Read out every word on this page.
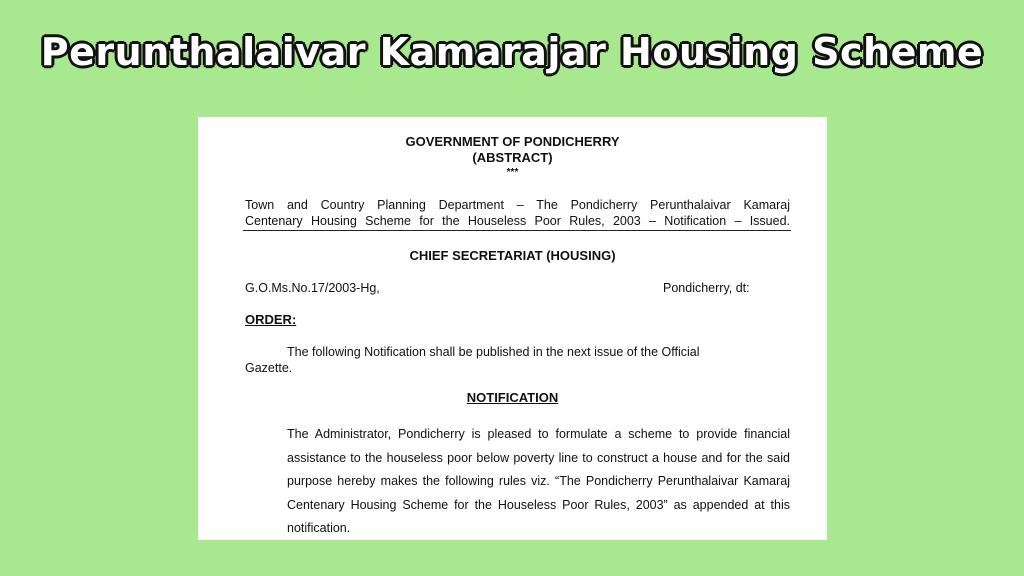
Perunthalaivar Kamarajar Housing Scheme
GOVERNMENT OF PONDICHERRY
(ABSTRACT)
***
Town and Country Planning Department – The Pondicherry Perunthalaivar Kamaraj
Centenary Housing Scheme for the Houseless Poor Rules, 2003 – Notification – Issued.
CHIEF SECRETARIAT (HOUSING)
G.O.Ms.No.17/2003-Hg,	Pondicherry, dt:
ORDER:
The following Notification shall be published in the next issue of the Official
Gazette.
NOTIFICATION
The Administrator, Pondicherry is pleased to formulate a scheme to provide financial assistance to the houseless poor below poverty line to construct a house and for the said purpose hereby makes the following rules viz. “The Pondicherry Perunthalaivar Kamaraj Centenary Housing Scheme for the Houseless Poor Rules, 2003” as appended at this notification.
